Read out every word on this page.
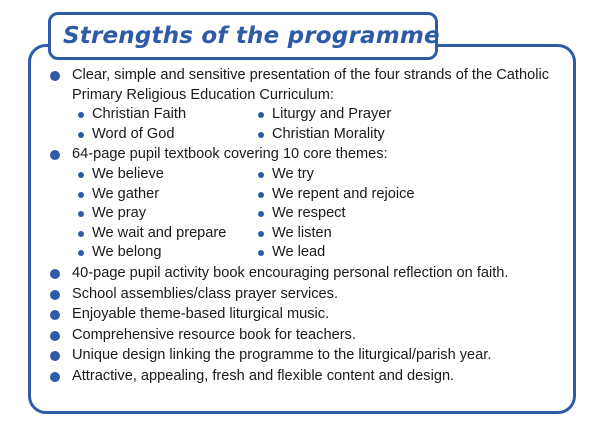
Strengths of the programme
Clear, simple and sensitive presentation of the four strands of the Catholic Primary Religious Education Curriculum:
Christian Faith	Liturgy and Prayer
Word of God	Christian Morality
64-page pupil textbook covering 10 core themes:
We believe	We try
We gather	We repent and rejoice
We pray	We respect
We wait and prepare	We listen
We belong	We lead
40-page pupil activity book encouraging personal reflection on faith.
School assemblies/class prayer services.
Enjoyable theme-based liturgical music.
Comprehensive resource book for teachers.
Unique design linking the programme to the liturgical/parish year.
Attractive, appealing, fresh and flexible content and design.
